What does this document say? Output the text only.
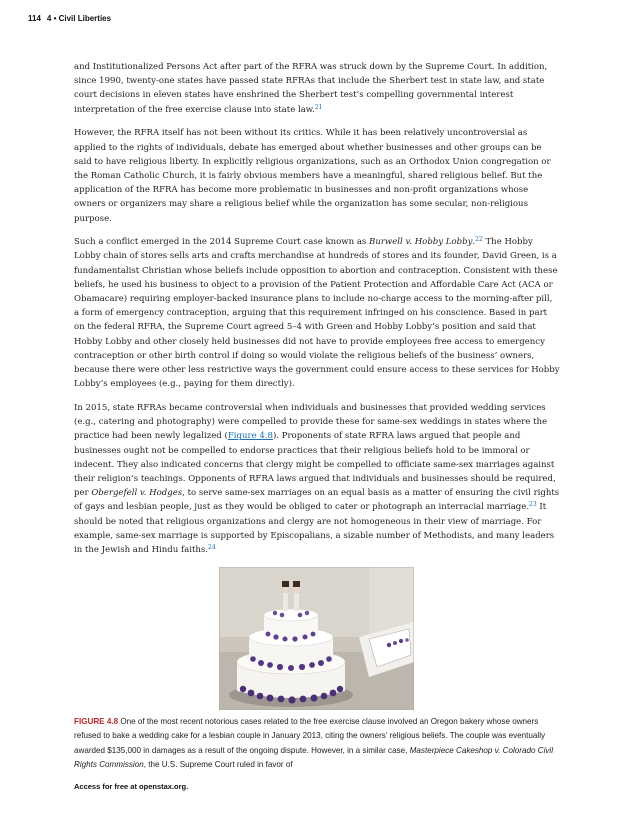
114 4 • Civil Liberties

and Institutionalized Persons Act after part of the RFRA was struck down by the Supreme Court. In addition, since 1990, twenty-one states have passed state RFRAs that include the Sherbert test in state law, and state court decisions in eleven states have enshrined the Sherbert test’s compelling governmental interest interpretation of the free exercise clause into state law.$^{21}$

However, the RFRA itself has not been without its critics. While it has been relatively uncontroversial as applied to the rights of individuals, debate has emerged about whether businesses and other groups can be said to have religious liberty. In explicitly religious organizations, such as an Orthodox Union congregation or the Roman Catholic Church, it is fairly obvious members have a meaningful, shared religious belief. But the application of the RFRA has become more problematic in businesses and non-profit organizations whose owners or organizers may share a religious belief while the organization has some secular, non-religious purpose.

Such a conflict emerged in the 2014 Supreme Court case known as Burwell v. Hobby Lobby.$^{22}$ The Hobby Lobby chain of stores sells arts and crafts merchandise at hundreds of stores and its founder, David Green, is a fundamentalist Christian whose beliefs include opposition to abortion and contraception. Consistent with these beliefs, he used his business to object to a provision of the Patient Protection and Affordable Care Act (ACA or Obamacare) requiring employer-backed insurance plans to include no-charge access to the morning-after pill, a form of emergency contraception, arguing that this requirement infringed on his conscience. Based in part on the federal RFRA, the Supreme Court agreed 5–4 with Green and Hobby Lobby’s position and said that Hobby Lobby and other closely held businesses did not have to provide employees free access to emergency contraception or other birth control if doing so would violate the religious beliefs of the business’ owners, because there were other less restrictive ways the government could ensure access to these services for Hobby Lobby’s employees (e.g., paying for them directly).

In 2015, state RFRAs became controversial when individuals and businesses that provided wedding services (e.g., catering and photography) were compelled to provide these for same-sex weddings in states where the practice had been newly legalized (Figure 4.8). Proponents of state RFRA laws argued that people and businesses ought not be compelled to endorse practices that their religious beliefs hold to be immoral or indecent. They also indicated concerns that clergy might be compelled to officiate same-sex marriages against their religion’s teachings. Opponents of RFRA laws argued that individuals and businesses should be required, per Obergefell v. Hodges, to serve same-sex marriages on an equal basis as a matter of ensuring the civil rights of gays and lesbian people, just as they would be obliged to cater or photograph an interracial marriage.$^{23}$ It should be noted that religious organizations and clergy are not homogeneous in their view of marriage. For example, same-sex marriage is supported by Episcopalians, a sizable number of Methodists, and many leaders in the Jewish and Hindu faiths.$^{24}$

FIGURE 4.8 One of the most recent notorious cases related to the free exercise clause involved an Oregon bakery whose owners refused to bake a wedding cake for a lesbian couple in January 2013, citing the owners’ religious beliefs. The couple was eventually awarded $135,000 in damages as a result of the ongoing dispute. However, in a similar case, Masterpiece Cakeshop v. Colorado Civil Rights Commission, the U.S. Supreme Court ruled in favor of

Access for free at openstax.org.
